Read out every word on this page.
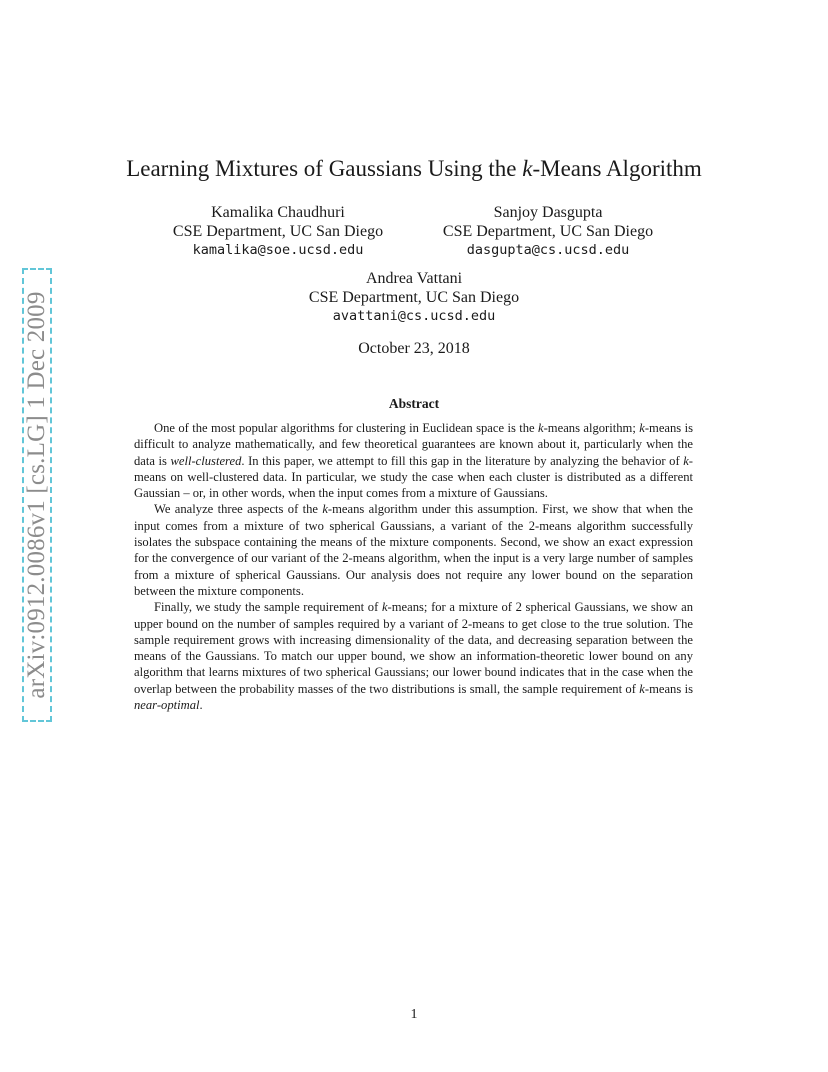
arXiv:0912.0086v1 [cs.LG] 1 Dec 2009
Learning Mixtures of Gaussians Using the k-Means Algorithm
Kamalika Chaudhuri
CSE Department, UC San Diego
kamalika@soe.ucsd.edu
Sanjoy Dasgupta
CSE Department, UC San Diego
dasgupta@cs.ucsd.edu
Andrea Vattani
CSE Department, UC San Diego
avattani@cs.ucsd.edu
October 23, 2018
Abstract

One of the most popular algorithms for clustering in Euclidean space is the k-means algorithm; k-means is difficult to analyze mathematically, and few theoretical guarantees are known about it, particularly when the data is well-clustered. In this paper, we attempt to fill this gap in the literature by analyzing the behavior of k-means on well-clustered data. In particular, we study the case when each cluster is distributed as a different Gaussian – or, in other words, when the input comes from a mixture of Gaussians.

We analyze three aspects of the k-means algorithm under this assumption. First, we show that when the input comes from a mixture of two spherical Gaussians, a variant of the 2-means algorithm successfully isolates the subspace containing the means of the mixture components. Second, we show an exact expression for the convergence of our variant of the 2-means algorithm, when the input is a very large number of samples from a mixture of spherical Gaussians. Our analysis does not require any lower bound on the separation between the mixture components.

Finally, we study the sample requirement of k-means; for a mixture of 2 spherical Gaussians, we show an upper bound on the number of samples required by a variant of 2-means to get close to the true solution. The sample requirement grows with increasing dimensionality of the data, and decreasing separation between the means of the Gaussians. To match our upper bound, we show an information-theoretic lower bound on any algorithm that learns mixtures of two spherical Gaussians; our lower bound indicates that in the case when the overlap between the probability masses of the two distributions is small, the sample requirement of k-means is near-optimal.

1
